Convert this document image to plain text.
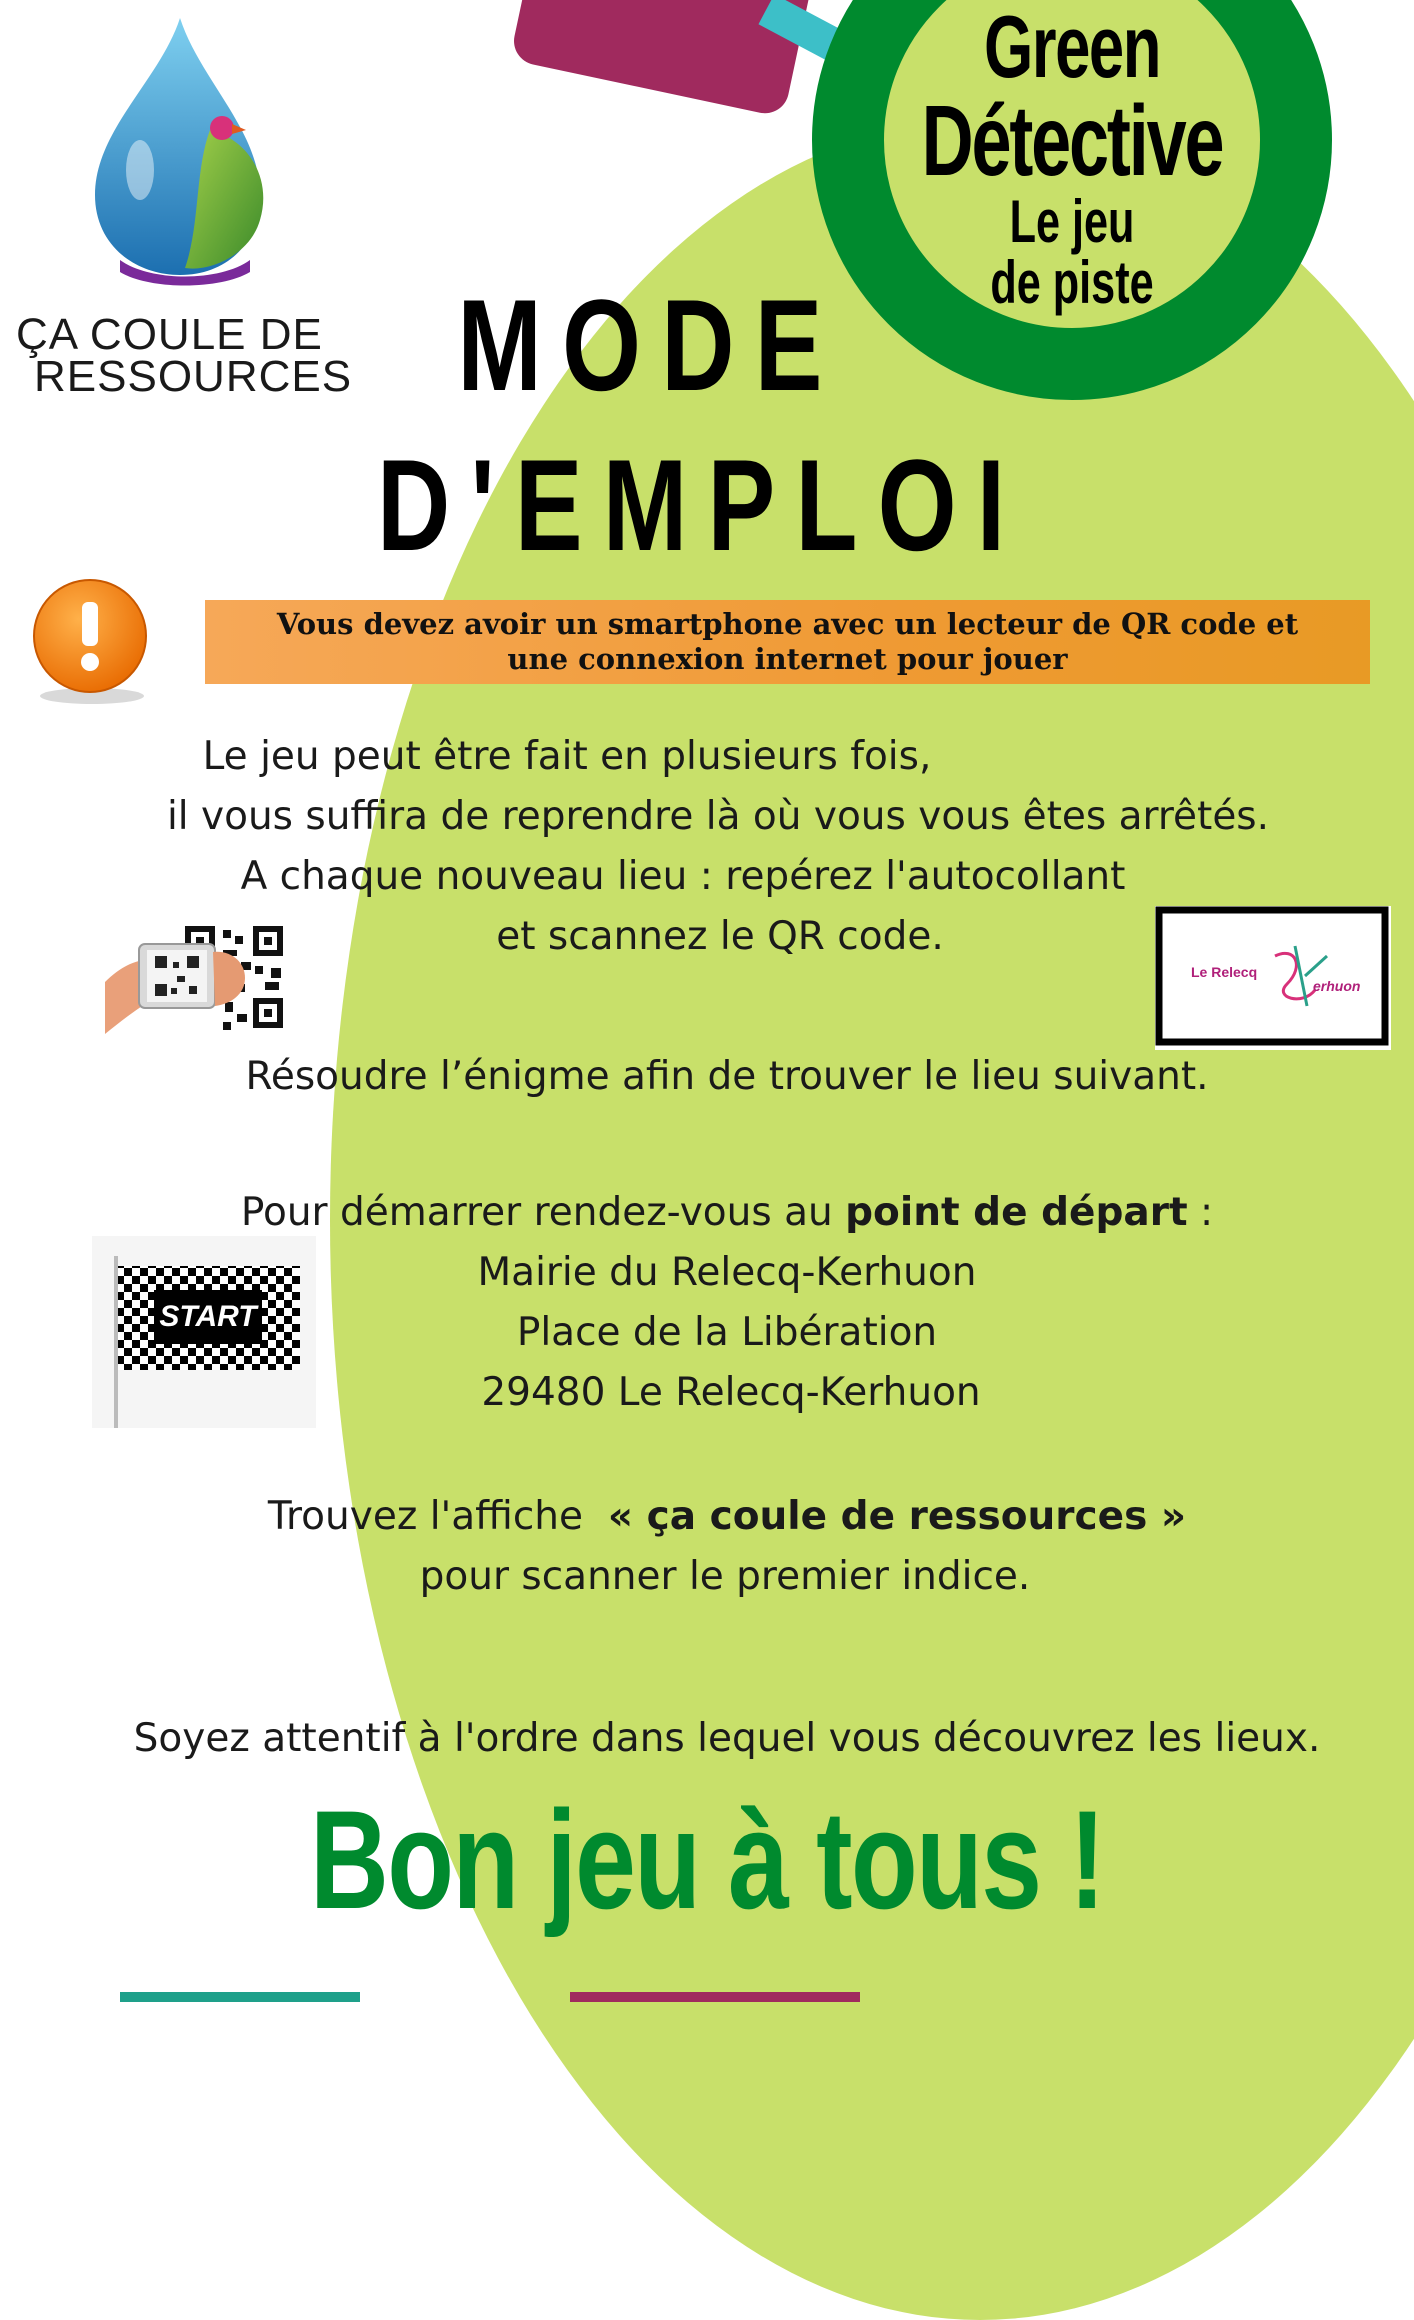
Green
Détective
Le jeu
de piste
ÇA COULE DE
RESSOURCES MODE
D'EMPLOI
Vous devez avoir un smartphone avec un lecteur de QR code et
une connexion internet pour jouer
Le jeu peut être fait en plusieurs fois,
il vous suffira de reprendre là où vous vous êtes arrêtés.
A chaque nouveau lieu : repérez l'autocollant
et scannez le QR code.
Le Relecq
erhuon
Résoudre l’énigme afin de trouver le lieu suivant.
Pour démarrer rendez-vous au point de départ :
Mairie du Relecq-Kerhuon
Place de la Libération
29480 Le Relecq-Kerhuon
START
Trouvez l'affiche  « ça coule de ressources »
pour scanner le premier indice.
Soyez attentif à l'ordre dans lequel vous découvrez les lieux.
Bon jeu à tous !
